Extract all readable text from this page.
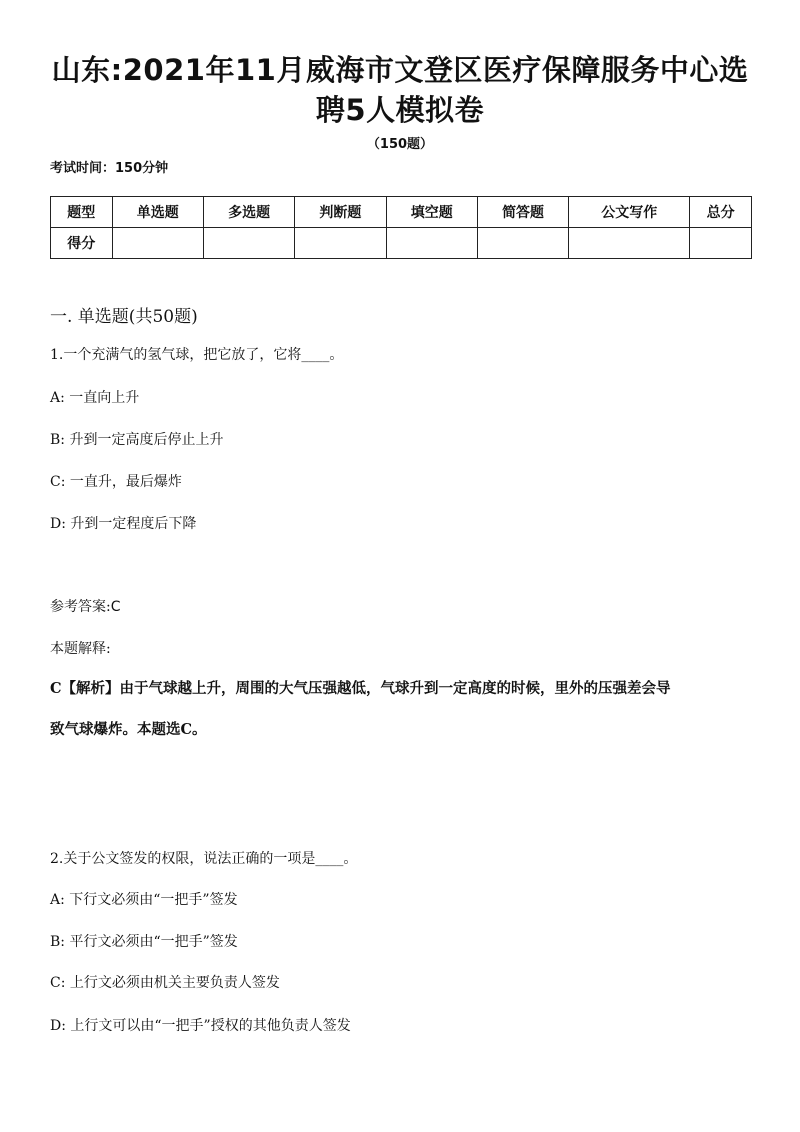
山东:2021年11月威海市文登区医疗保障服务中心选
聘5人模拟卷
（150题）
考试时间：150分钟
题型	单选题	多选题	判断题	填空题	简答题	公文写作	总分
得分							
一. 单选题(共50题)
1.一个充满气的氢气球，把它放了，它将____。
A: 一直向上升
B: 升到一定高度后停止上升
C: 一直升，最后爆炸
D: 升到一定程度后下降
参考答案:C
本题解释:
C【解析】由于气球越上升，周围的大气压强越低，气球升到一定高度的时候，里外的压强差会导
致气球爆炸。本题选C。
2.关于公文签发的权限，说法正确的一项是____。
A: 下行文必须由“一把手”签发
B: 平行文必须由“一把手”签发
C: 上行文必须由机关主要负责人签发
D: 上行文可以由“一把手”授权的其他负责人签发
